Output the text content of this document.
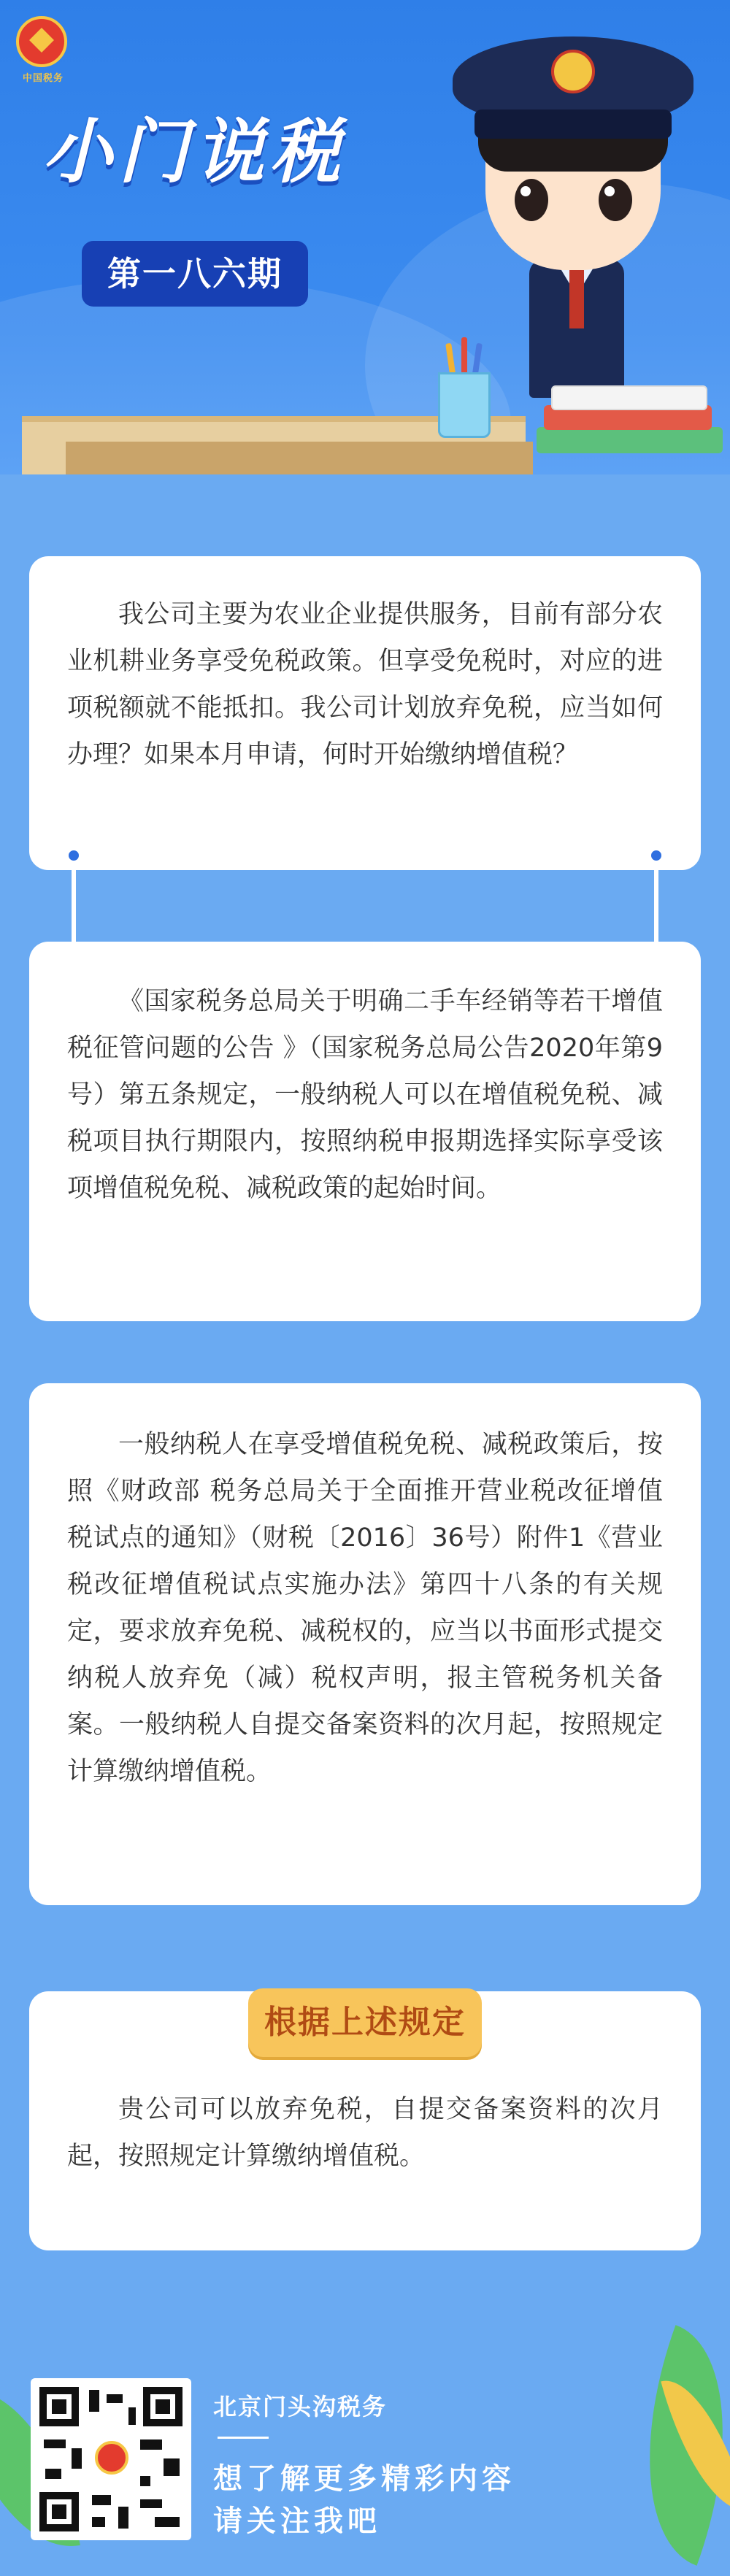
中国税务
小门说税
第一八六期

我公司主要为农业企业提供服务，目前有部分农业机耕业务享受免税政策。但享受免税时，对应的进项税额就不能抵扣。我公司计划放弃免税，应当如何办理？如果本月申请，何时开始缴纳增值税？

《国家税务总局关于明确二手车经销等若干增值税征管问题的公告 》（国家税务总局公告2020年第9号）第五条规定，一般纳税人可以在增值税免税、减税项目执行期限内，按照纳税申报期选择实际享受该项增值税免税、减税政策的起始时间。

一般纳税人在享受增值税免税、减税政策后，按照《财政部 税务总局关于全面推开营业税改征增值税试点的通知》（财税〔2016〕36号）附件1《营业税改征增值税试点实施办法》第四十八条的有关规定，要求放弃免税、减税权的，应当以书面形式提交纳税人放弃免（减）税权声明，报主管税务机关备案。一般纳税人自提交备案资料的次月起，按照规定计算缴纳增值税。

贵公司可以放弃免税，自提交备案资料的次月起，按照规定计算缴纳增值税。

根据上述规定
北京门头沟税务
想了解更多精彩内容
请关注我吧
